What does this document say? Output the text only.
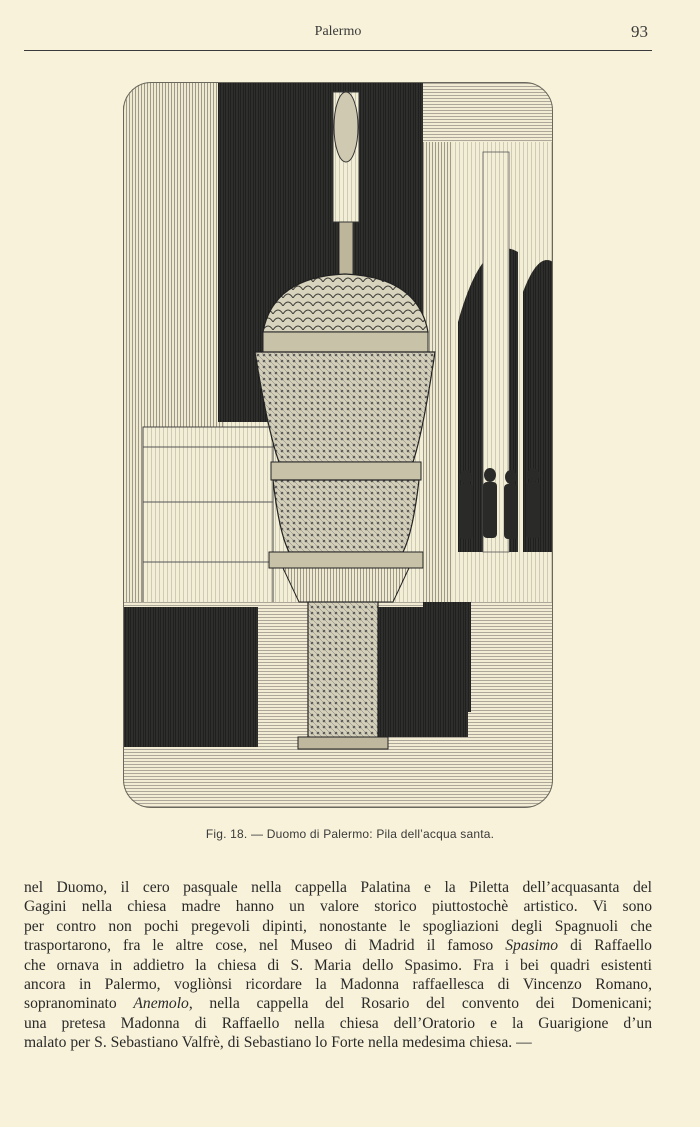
Palermo	93
Fig. 18. — Duomo di Palermo: Pila dell’acqua santa.
nel Duomo, il cero pasquale nella cappella Palatina e la Piletta dell’acquasanta del
Gagini nella chiesa madre hanno un valore storico piuttostochè artistico. Vi sono
per contro non pochi pregevoli dipinti, nonostante le spogliazioni degli Spagnuoli che
trasportarono, fra le altre cose, nel Museo di Madrid il famoso Spasimo di Raffaello
che ornava in addietro la chiesa di S. Maria dello Spasimo. Fra i bei quadri esistenti
ancora in Palermo, vogliònsi ricordare la Madonna raffaellesca di Vincenzo Romano,
sopranominato Anemolo, nella cappella del Rosario del convento dei Domenicani;
una pretesa Madonna di Raffaello nella chiesa dell’Oratorio e la Guarigione d’un
malato per S. Sebastiano Valfrè, di Sebastiano lo Forte nella medesima chiesa. —
